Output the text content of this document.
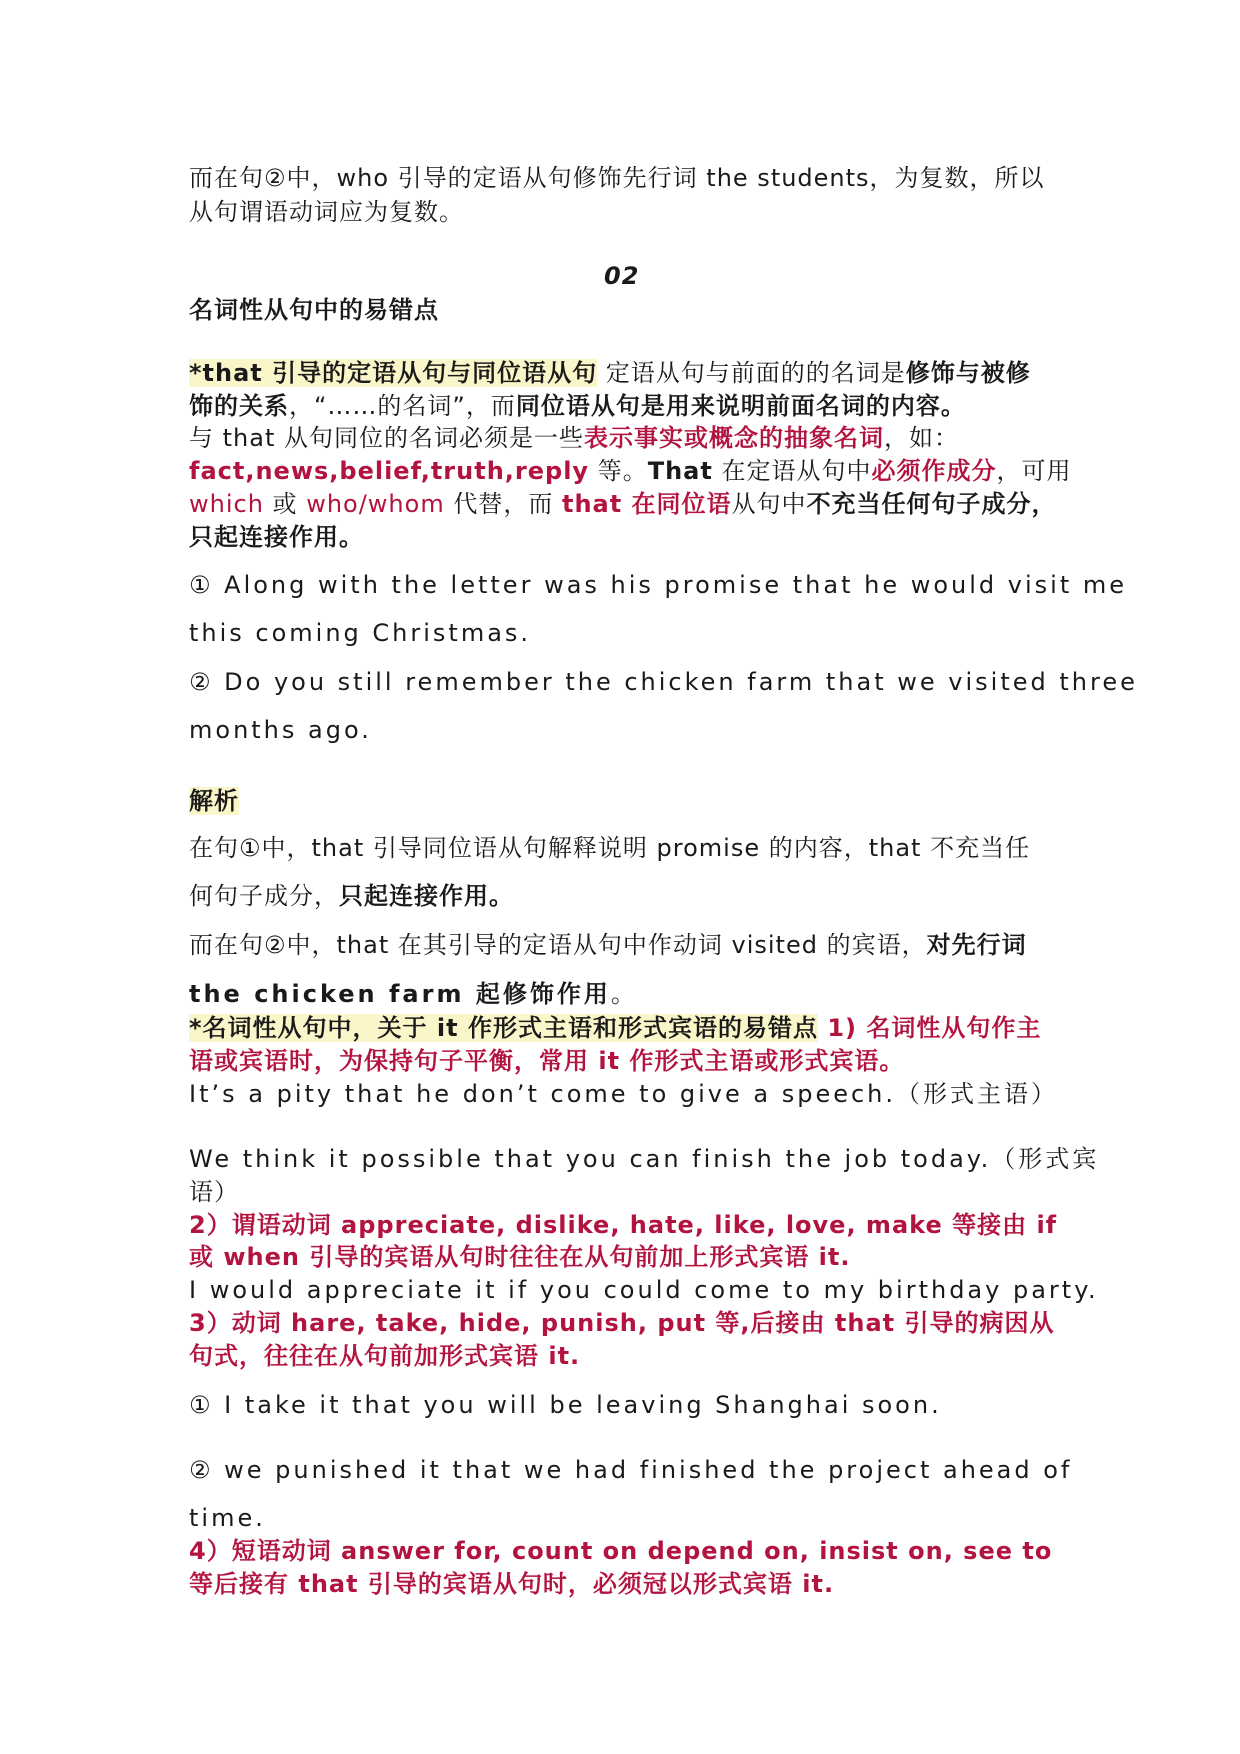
而在句②中，who 引导的定语从句修饰先行词 the students，为复数，所以
从句谓语动词应为复数。
02
名词性从句中的易错点
*that 引导的定语从句与同位语从句 定语从句与前面的的名词是修饰与被修
饰的关系，“……的名词”，而同位语从句是用来说明前面名词的内容。
与 that 从句同位的名词必须是一些表示事实或概念的抽象名词，如：
fact,news,belief,truth,reply 等。That 在定语从句中必须作成分，可用
which 或 who/whom 代替，而 that 在同位语从句中不充当任何句子成分，
只起连接作用。
① Along with the letter was his promise that he would visit me
this coming Christmas.
② Do you still remember the chicken farm that we visited three
months ago.
解析
在句①中，that 引导同位语从句解释说明 promise 的内容，that 不充当任
何句子成分，只起连接作用。
而在句②中，that 在其引导的定语从句中作动词 visited 的宾语，对先行词
the chicken farm 起修饰作用。
*名词性从句中，关于 it 作形式主语和形式宾语的易错点 1) 名词性从句作主
语或宾语时，为保持句子平衡，常用 it 作形式主语或形式宾语。
It’s a pity that he don’t come to give a speech.（形式主语）
We think it possible that you can finish the job today.（形式宾
语）
2）谓语动词 appreciate, dislike, hate, like, love, make 等接由 if
或 when 引导的宾语从句时往往在从句前加上形式宾语 it.
I would appreciate it if you could come to my birthday party.
3）动词 hare, take, hide, punish, put 等,后接由 that 引导的病因从
句式，往往在从句前加形式宾语 it.
① I take it that you will be leaving Shanghai soon.
② we punished it that we had finished the project ahead of
time.
4）短语动词 answer for, count on depend on, insist on, see to
等后接有 that 引导的宾语从句时，必须冠以形式宾语 it.
